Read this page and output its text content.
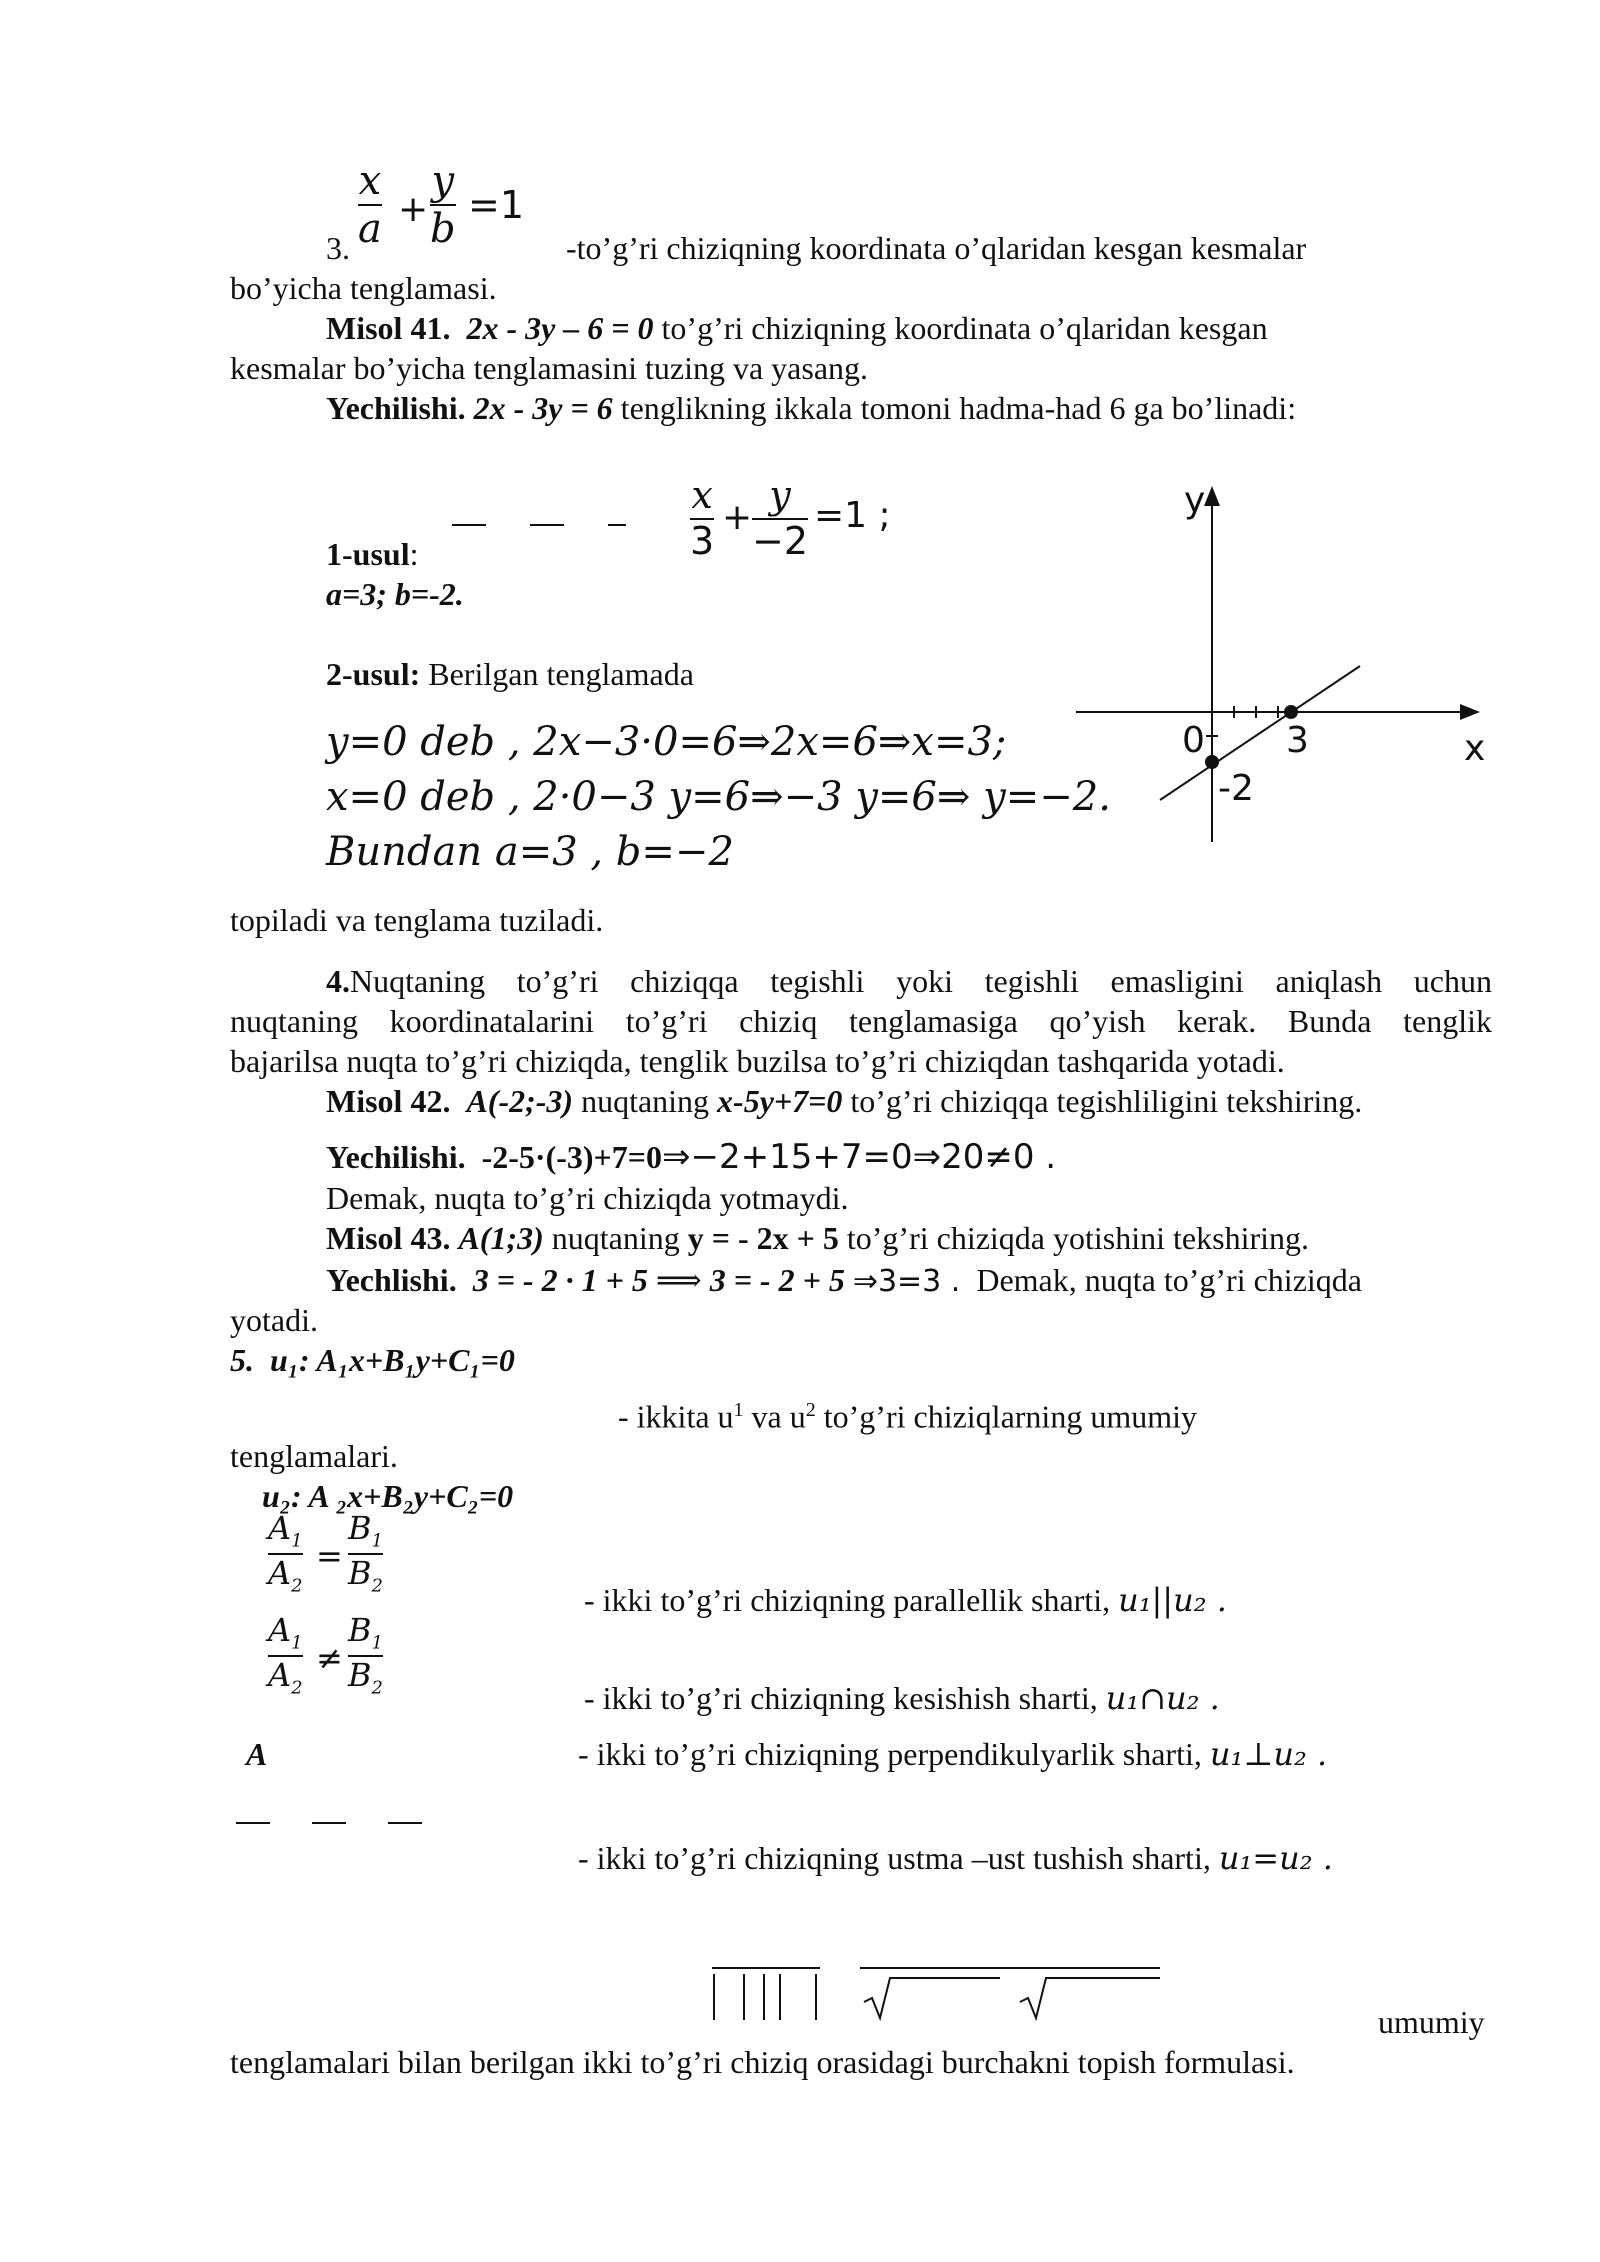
x
a +
y
b
=1
3.	-to’g’ri chiziqning koordinata o’qlaridan kesgan kesmalar
bo’yicha tenglamasi.
Misol 41. 2x - 3y – 6 = 0 to’g’ri chiziqning koordinata o’qlaridan kesgan
kesmalar bo’yicha tenglamasini tuzing va yasang.
Yechilishi. 2x - 3y = 6 tenglikning ikkala tomoni hadma-had 6 ga bo’linadi:
x
3
+
y
−2
=1 ;
1-usul:
a=3; b=-2.
2-usul: Berilgan tenglamada
y=0 deb , 2x−3·0=6⇒2x=6⇒x=3;
x=0 deb , 2·0−3 y=6⇒−3 y=6⇒ y=−2.
Bundan a=3 , b=−2
topiladi va tenglama tuziladi.
y
x
0 3
-2
4.Nuqtaning to’g’ri chiziqqa tegishli yoki tegishli emasligini aniqlash uchun
nuqtaning koordinatalarini to’g’ri chiziq tenglamasiga qo’yish kerak. Bunda tenglik
bajarilsa nuqta to’g’ri chiziqda, tenglik buzilsa to’g’ri chiziqdan tashqarida yotadi.
Misol 42. A(-2;-3) nuqtaning x-5y+7=0 to’g’ri chiziqqa tegishliligini tekshiring.
Yechilishi. -2-5·(-3)+7=0⇒−2+15+7=0⇒20≠0 .
Demak, nuqta to’g’ri chiziqda yotmaydi.
Misol 43. A(1;3) nuqtaning y = - 2x + 5 to’g’ri chiziqda yotishini tekshiring.
Yechlishi. 3 = - 2 · 1 + 5 ⟹ 3 = - 2 + 5 ⇒3=3 . Demak, nuqta to’g’ri chiziqda
yotadi.
5. u₁: A₁x+B₁y+C₁=0
- ikkita $u^1$ va $u^2$ to’g’ri chiziqlarning umumiy
tenglamalari.
u₂: A ₂x+B₂y+C₂=0
$A_1$
$A_2$
=
$B_1$
$B_2$	- ikki to’g’ri chiziqning parallellik sharti, u₁||u₂ .
$A_1$
$A_2$
≠
$B_1$
$B_2$	- ikki to’g’ri chiziqning kesishish sharti, u₁∩u₂ .
A	- ikki to’g’ri chiziqning perpendikulyarlik sharti, u₁⊥u₂ .
- ikki to’g’ri chiziqning ustma –ust tushish sharti, u₁=u₂ .
umumiy
tenglamalari bilan berilgan ikki to’g’ri chiziq orasidagi burchakni topish formulasi.
